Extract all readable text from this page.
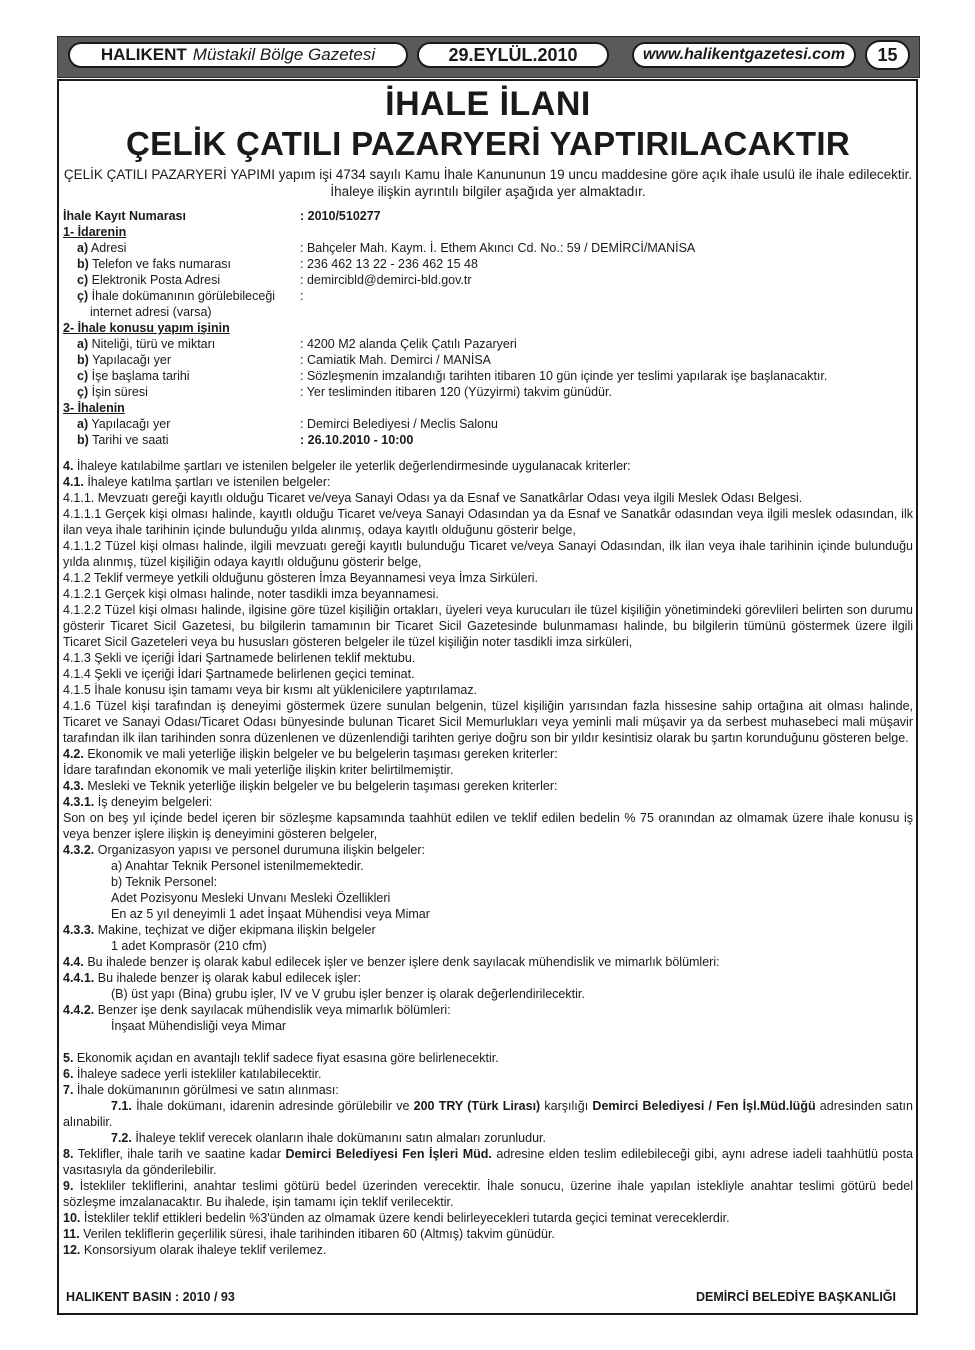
HALIKENT Müstakil Bölge Gazetesi	29.EYLÜL.2010	www.halikentgazetesi.com	15
İHALE İLANI
ÇELİK ÇATILI PAZARYERİ YAPTIRILACAKTIR

ÇELİK ÇATILI PAZARYERİ YAPIMI yapım işi 4734 sayılı Kamu İhale Kanununun 19 uncu maddesine göre açık ihale usulü ile ihale edilecektir. İhaleye ilişkin ayrıntılı bilgiler aşağıda yer almaktadır.

İhale Kayıt Numarası	: 2010/510277
1- İdarenin
a) Adresi	: Bahçeler Mah. Kaym. İ. Ethem Akıncı Cd. No.: 59 / DEMİRCİ/MANİSA
b) Telefon ve faks numarası	: 236 462 13 22 - 236 462 15 48
c) Elektronik Posta Adresi	: demircibld@demirci-bld.gov.tr
ç) İhale dokümanının görülebileceği	:
internet adresi (varsa)
2- İhale konusu yapım işinin
a) Niteliği, türü ve miktarı	: 4200 M2 alanda Çelik Çatılı Pazaryeri
b) Yapılacağı yer	: Camiatik Mah. Demirci / MANİSA
c) İşe başlama tarihi	: Sözleşmenin imzalandığı tarihten itibaren 10 gün içinde yer teslimi yapılarak işe başlanacaktır.
ç) İşin süresi	: Yer tesliminden itibaren 120 (Yüzyirmi) takvim günüdür.
3- İhalenin
a) Yapılacağı yer	: Demirci Belediyesi / Meclis Salonu
b) Tarihi ve saati	: 26.10.2010 - 10:00

4. İhaleye katılabilme şartları ve istenilen belgeler ile yeterlik değerlendirmesinde uygulanacak kriterler:

4.1. İhaleye katılma şartları ve istenilen belgeler:

4.1.1. Mevzuatı gereği kayıtlı olduğu Ticaret ve/veya Sanayi Odası ya da Esnaf ve Sanatkârlar Odası veya ilgili Meslek Odası Belgesi.

4.1.1.1 Gerçek kişi olması halinde, kayıtlı olduğu Ticaret ve/veya Sanayi Odasından ya da Esnaf ve Sanatkâr odasından veya ilgili meslek odasından, ilk ilan veya ihale tarihinin içinde bulunduğu yılda alınmış, odaya kayıtlı olduğunu gösterir belge,

4.1.1.2 Tüzel kişi olması halinde, ilgili mevzuatı gereği kayıtlı bulunduğu Ticaret ve/veya Sanayi Odasından, ilk ilan veya ihale tarihinin içinde bulunduğu yılda alınmış, tüzel kişiliğin odaya kayıtlı olduğunu gösterir belge,

4.1.2 Teklif vermeye yetkili olduğunu gösteren İmza Beyannamesi veya İmza Sirküleri.

4.1.2.1 Gerçek kişi olması halinde, noter tasdikli imza beyannamesi.

4.1.2.2 Tüzel kişi olması halinde, ilgisine göre tüzel kişiliğin ortakları, üyeleri veya kurucuları ile tüzel kişiliğin yönetimindeki görevlileri belirten son durumu gösterir Ticaret Sicil Gazetesi, bu bilgilerin tamamının bir Ticaret Sicil Gazetesinde bulunmaması halinde, bu bilgilerin tümünü göstermek üzere ilgili Ticaret Sicil Gazeteleri veya bu hususları gösteren belgeler ile tüzel kişiliğin noter tasdikli imza sirküleri,

4.1.3 Şekli ve içeriği İdari Şartnamede belirlenen teklif mektubu.

4.1.4 Şekli ve içeriği İdari Şartnamede belirlenen geçici teminat.

4.1.5 İhale konusu işin tamamı veya bir kısmı alt yüklenicilere yaptırılamaz.

4.1.6 Tüzel kişi tarafından iş deneyimi göstermek üzere sunulan belgenin, tüzel kişiliğin yarısından fazla hissesine sahip ortağına ait olması halinde, Ticaret ve Sanayi Odası/Ticaret Odası bünyesinde bulunan Ticaret Sicil Memurlukları veya yeminli mali müşavir ya da serbest muhasebeci mali müşavir tarafından ilk ilan tarihinden sonra düzenlenen ve düzenlendiği tarihten geriye doğru son bir yıldır kesintisiz olarak bu şartın korunduğunu gösteren belge.

4.2. Ekonomik ve mali yeterliğe ilişkin belgeler ve bu belgelerin taşıması gereken kriterler:

İdare tarafından ekonomik ve mali yeterliğe ilişkin kriter belirtilmemiştir.

4.3. Mesleki ve Teknik yeterliğe ilişkin belgeler ve bu belgelerin taşıması gereken kriterler:

4.3.1. İş deneyim belgeleri:

Son on beş yıl içinde bedel içeren bir sözleşme kapsamında taahhüt edilen ve teklif edilen bedelin % 75 oranından az olmamak üzere ihale konusu iş veya benzer işlere ilişkin iş deneyimini gösteren belgeler,

4.3.2. Organizasyon yapısı ve personel durumuna ilişkin belgeler:

a) Anahtar Teknik Personel istenilmemektedir.

b) Teknik Personel:

Adet Pozisyonu Mesleki Unvanı Mesleki Özellikleri

En az 5 yıl deneyimli 1 adet İnşaat Mühendisi veya Mimar

4.3.3. Makine, teçhizat ve diğer ekipmana ilişkin belgeler

1 adet Komprasör (210 cfm)

4.4. Bu ihalede benzer iş olarak kabul edilecek işler ve benzer işlere denk sayılacak mühendislik ve mimarlık bölümleri:

4.4.1. Bu ihalede benzer iş olarak kabul edilecek işler:

(B) üst yapı (Bina) grubu işler, IV ve V grubu işler benzer iş olarak değerlendirilecektir.

4.4.2. Benzer işe denk sayılacak mühendislik veya mimarlık bölümleri:

İnşaat Mühendisliği veya Mimar

5. Ekonomik açıdan en avantajlı teklif sadece fiyat esasına göre belirlenecektir.

6. İhaleye sadece yerli istekliler katılabilecektir.

7. İhale dokümanının görülmesi ve satın alınması:

7.1. İhale dokümanı, idarenin adresinde görülebilir ve 200 TRY (Türk Lirası) karşılığı Demirci Belediyesi / Fen İşl.Müd.lüğü adresinden satın alınabilir.

7.2. İhaleye teklif verecek olanların ihale dokümanını satın almaları zorunludur.

8. Teklifler, ihale tarih ve saatine kadar Demirci Belediyesi Fen İşleri Müd. adresine elden teslim edilebileceği gibi, aynı adrese iadeli taahhütlü posta vasıtasıyla da gönderilebilir.

9. İstekliler tekliflerini, anahtar teslimi götürü bedel üzerinden verecektir. İhale sonucu, üzerine ihale yapılan istekliyle anahtar teslimi götürü bedel sözleşme imzalanacaktır. Bu ihalede, işin tamamı için teklif verilecektir.

10. İstekliler teklif ettikleri bedelin %3'ünden az olmamak üzere kendi belirleyecekleri tutarda geçici teminat vereceklerdir.

11. Verilen tekliflerin geçerlilik süresi, ihale tarihinden itibaren 60 (Altmış) takvim günüdür.

12. Konsorsiyum olarak ihaleye teklif verilemez.

HALIKENT BASIN : 2010 / 93	DEMİRCİ BELEDİYE BAŞKANLIĞI
